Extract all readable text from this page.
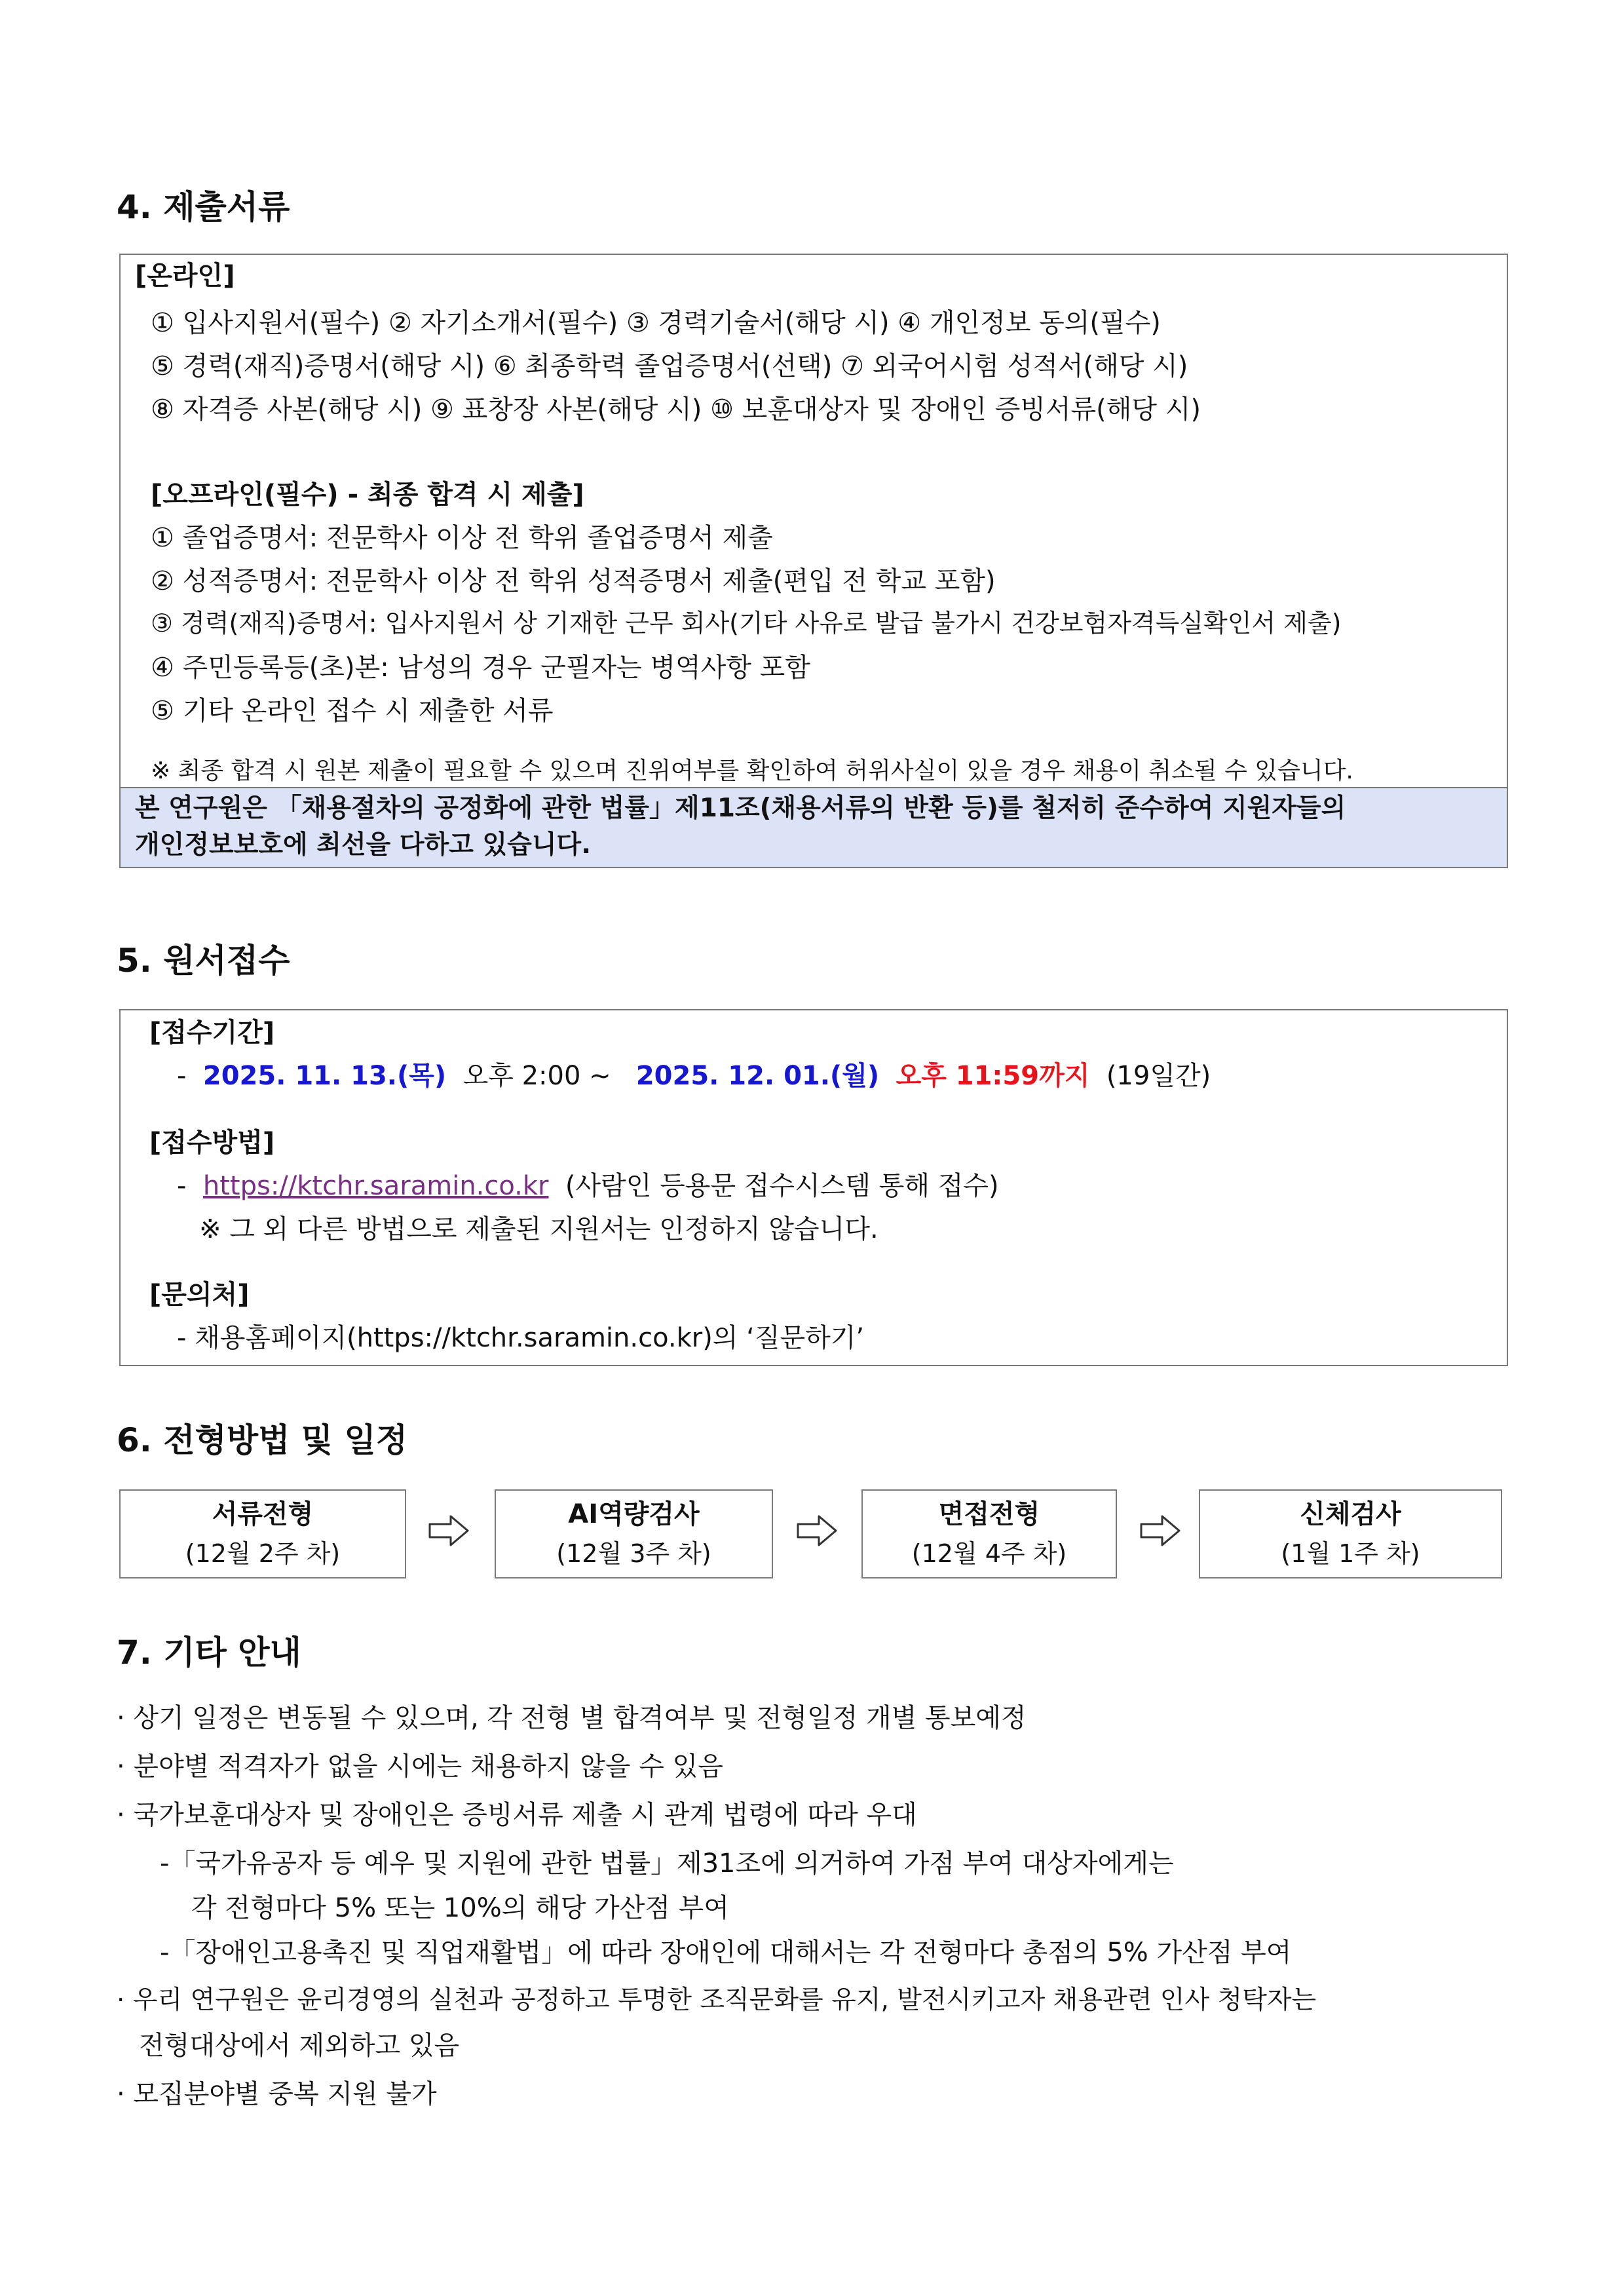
4. 제출서류
[온라인]
① 입사지원서(필수) ② 자기소개서(필수) ③ 경력기술서(해당 시) ④ 개인정보 동의(필수)
⑤ 경력(재직)증명서(해당 시) ⑥ 최종학력 졸업증명서(선택) ⑦ 외국어시험 성적서(해당 시)
⑧ 자격증 사본(해당 시) ⑨ 표창장 사본(해당 시) ⑩ 보훈대상자 및 장애인 증빙서류(해당 시)
[오프라인(필수) - 최종 합격 시 제출]
① 졸업증명서: 전문학사 이상 전 학위 졸업증명서 제출
② 성적증명서: 전문학사 이상 전 학위 성적증명서 제출(편입 전 학교 포함)
③ 경력(재직)증명서: 입사지원서 상 기재한 근무 회사(기타 사유로 발급 불가시 건강보험자격득실확인서 제출)
④ 주민등록등(초)본: 남성의 경우 군필자는 병역사항 포함
⑤ 기타 온라인 접수 시 제출한 서류
※ 최종 합격 시 원본 제출이 필요할 수 있으며 진위여부를 확인하여 허위사실이 있을 경우 채용이 취소될 수 있습니다.
본 연구원은 「채용절차의 공정화에 관한 법률」제11조(채용서류의 반환 등)를 철저히 준수하여 지원자들의
개인정보보호에 최선을 다하고 있습니다.
5. 원서접수
[접수기간]
- 2025. 11. 13.(목) 오후 2:00 ~ 2025. 12. 01.(월) 오후 11:59까지 (19일간)
[접수방법]
- https://ktchr.saramin.co.kr (사람인 등용문 접수시스템 통해 접수)
※ 그 외 다른 방법으로 제출된 지원서는 인정하지 않습니다.
[문의처]
- 채용홈페이지(https://ktchr.saramin.co.kr)의 ‘질문하기’
6. 전형방법 및 일정
서류전형
(12월 2주 차)
AI역량검사
(12월 3주 차)
면접전형
(12월 4주 차)
신체검사
(1월 1주 차)
7. 기타 안내
· 상기 일정은 변동될 수 있으며, 각 전형 별 합격여부 및 전형일정 개별 통보예정
· 분야별 적격자가 없을 시에는 채용하지 않을 수 있음
· 국가보훈대상자 및 장애인은 증빙서류 제출 시 관계 법령에 따라 우대
-「국가유공자 등 예우 및 지원에 관한 법률」제31조에 의거하여 가점 부여 대상자에게는
각 전형마다 5% 또는 10%의 해당 가산점 부여
-「장애인고용촉진 및 직업재활법」에 따라 장애인에 대해서는 각 전형마다 총점의 5% 가산점 부여
· 우리 연구원은 윤리경영의 실천과 공정하고 투명한 조직문화를 유지, 발전시키고자 채용관련 인사 청탁자는
전형대상에서 제외하고 있음
· 모집분야별 중복 지원 불가
